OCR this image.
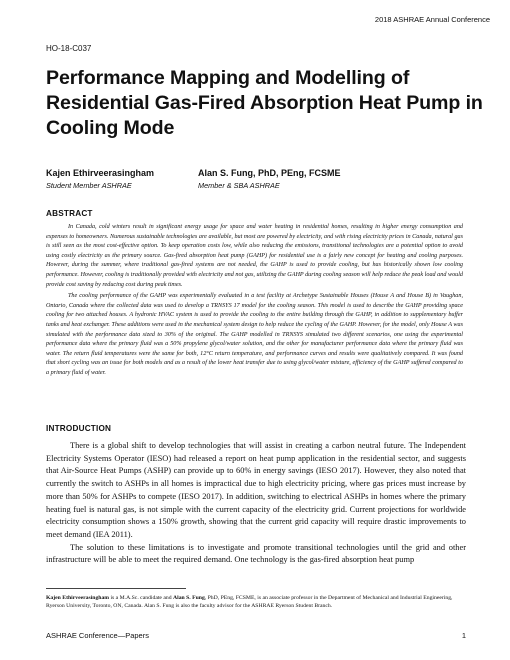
2018 ASHRAE Annual Conference
HO-18-C037
Performance Mapping and Modelling of Residential Gas-Fired Absorption Heat Pump in Cooling Mode
Kajen Ethirveerasingham
Student Member ASHRAE
Alan S. Fung, PhD, PEng, FCSME
Member & SBA ASHRAE
ABSTRACT

In Canada, cold winters result in significant energy usage for space and water heating in residential homes, resulting in higher energy consumption and expenses to homeowners. Numerous sustainable technologies are available, but most are powered by electricity, and with rising electricity prices in Canada, natural gas is still seen as the most cost-effective option. To keep operation costs low, while also reducing the emissions, transitional technologies are a potential option to avoid using costly electricity as the primary source. Gas-fired absorption heat pump (GAHP) for residential use is a fairly new concept for heating and cooling purposes. However, during the summer, where traditional gas-fired systems are not needed, the GAHP is used to provide cooling, but has historically shown low cooling performance. However, cooling is traditionally provided with electricity and not gas, utilizing the GAHP during cooling season will help reduce the peak load and would provide cost saving by reducing cost during peak times.

The cooling performance of the GAHP was experimentally evaluated in a test facility at Archetype Sustainable Houses (House A and House B) in Vaughan, Ontario, Canada where the collected data was used to develop a TRNSYS 17 model for the cooling season. This model is used to describe the GAHP providing space cooling for two attached houses. A hydronic HVAC system is used to provide the cooling to the entire building through the GAHP, in addition to supplementary buffer tanks and heat exchanger. These additions were used in the mechanical system design to help reduce the cycling of the GAHP. However, for the model, only House A was simulated with the performance data sized to 30% of the original. The GAHP modelled in TRNSYS simulated two different scenarios, one using the experimental performance data where the primary fluid was a 50% propylene glycol/water solution, and the other for manufacturer performance data where the primary fluid was water. The return fluid temperatures were the same for both, 12°C return temperature, and performance curves and results were qualitatively compared. It was found that short cycling was an issue for both models and as a result of the lower heat transfer due to using glycol/water mixture, efficiency of the GAHP suffered compared to a primary fluid of water.

INTRODUCTION

There is a global shift to develop technologies that will assist in creating a carbon neutral future. The Independent Electricity Systems Operator (IESO) had released a report on heat pump application in the residential sector, and suggests that Air-Source Heat Pumps (ASHP) can provide up to 60% in energy savings (IESO 2017). However, they also noted that currently the switch to ASHPs in all homes is impractical due to high electricity pricing, where gas prices must increase by more than 50% for ASHPs to compete (IESO 2017). In addition, switching to electrical ASHPs in homes where the primary heating fuel is natural gas, is not simple with the current capacity of the electricity grid. Current projections for worldwide electricity consumption shows a 150% growth, showing that the current grid capacity will require drastic improvements to meet demand (IEA 2011).

The solution to these limitations is to investigate and promote transitional technologies until the grid and other infrastructure will be able to meet the required demand. One technology is the gas-fired absorption heat pump

Kajen Ethirveerasingham is a M.A.Sc. candidate and Alan S. Fung, PhD, PEng, FCSME, is an associate professor in the Department of Mechanical and Industrial Engineering, Ryerson University, Toronto, ON, Canada. Alan S. Fung is also the faculty advisor for the ASHRAE Ryerson Student Branch.
ASHRAE Conference—Papers	1
